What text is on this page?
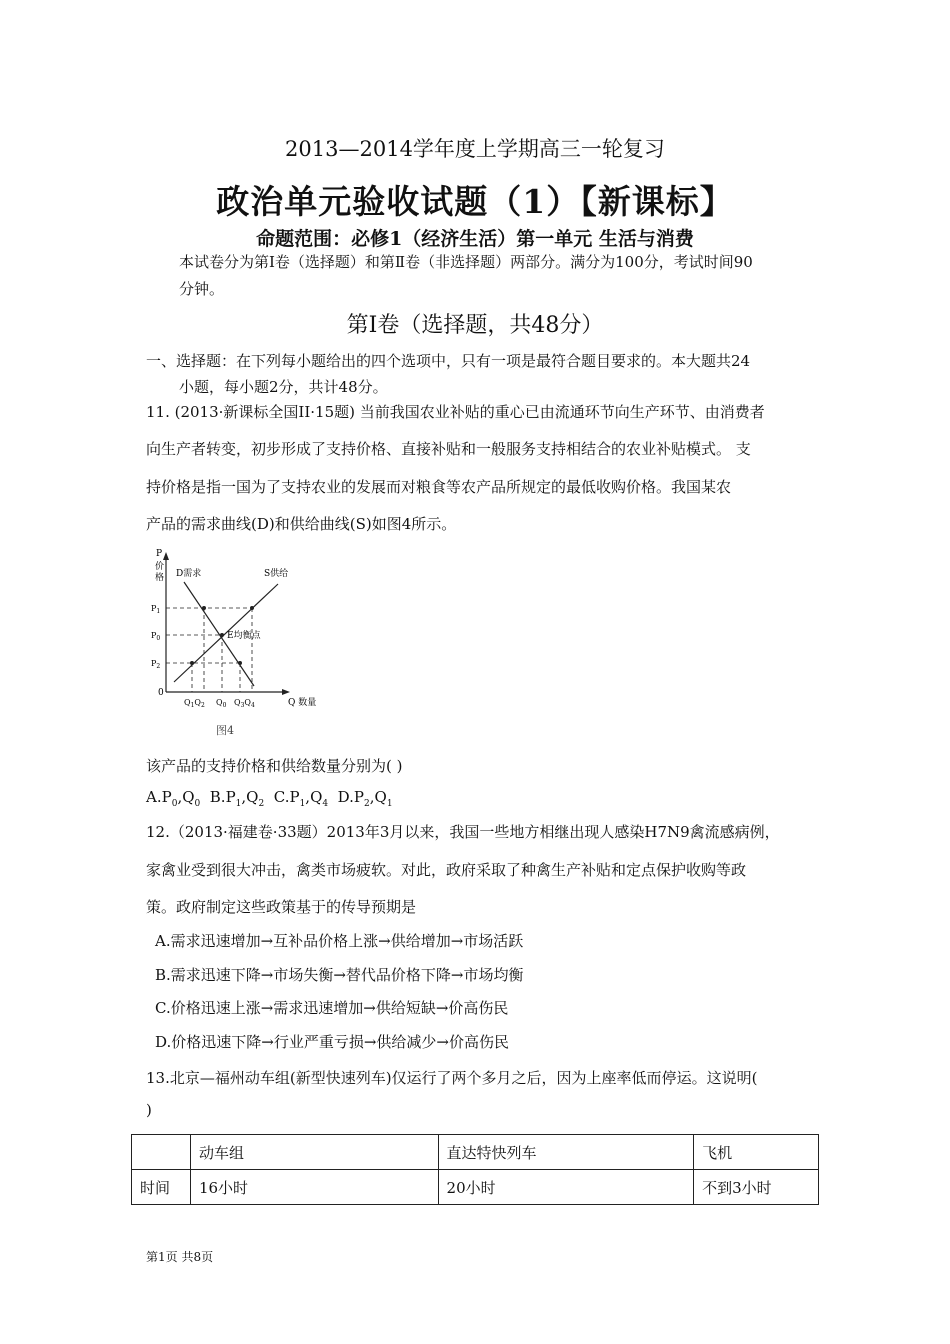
2013—2014学年度上学期高三一轮复习
政治单元验收试题（1）【新课标】
命题范围：必修1（经济生活）第一单元 生活与消费
本试卷分为第Ⅰ卷（选择题）和第Ⅱ卷（非选择题）两部分。满分为100分，考试时间90
分钟。
第Ⅰ卷（选择题，共48分）
一、选择题：在下列每小题给出的四个选项中，只有一项是最符合题目要求的。本大题共24
小题，每小题2分，共计48分。
11. (2013·新课标全国II·15题) 当前我国农业补贴的重心已由流通环节向生产环节、由消费者
向生产者转变，初步形成了支持价格、直接补贴和一般服务支持相结合的农业补贴模式。 支
持价格是指一国为了支持农业的发展而对粮食等农产品所规定的最低收购价格。我国某农
产品的需求曲线(D)和供给曲线(S)如图4所示。
P
价
格 D需求	S供给
$P_1$
$P_0$
$P_2$
0
E均衡点
$Q_1Q_2$ $Q_0$ $Q_3Q_4$	Q 数量
图4
该产品的支持价格和供给数量分别为( )
$A.P_0,Q_0$  $B.P_1,Q_2$  $C.P_1,Q_4$  $D.P_2,Q_1$
12.（2013·福建卷·33题）2013年3月以来，我国一些地方相继出现人感染H7N9禽流感病例，
家禽业受到很大冲击，禽类市场疲软。对此，政府采取了种禽生产补贴和定点保护收购等政
策。政府制定这些政策基于的传导预期是
A.需求迅速增加→互补品价格上涨→供给增加→市场活跃
B.需求迅速下降→市场失衡→替代品价格下降→市场均衡
C.价格迅速上涨→需求迅速增加→供给短缺→价高伤民
D.价格迅速下降→行业严重亏损→供给减少→价高伤民
13.北京—福州动车组(新型快速列车)仅运行了两个多月之后，因为上座率低而停运。这说明(
)
	动车组	直达特快列车	飞机
时间	16小时	20小时	不到3小时
第1页 共8页
